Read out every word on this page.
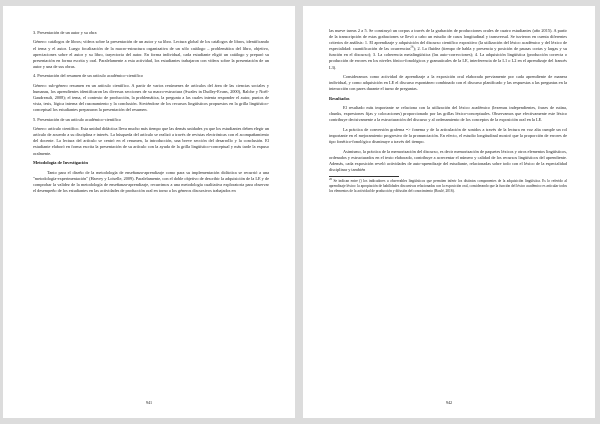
3. Presentación de un autor y su obra

Género: catálogos de libros; vídeos sobre la presentación de un autor y su libro. Lectura global de los catálogos de libros, identificando el tema y el autor. Luego focalización de la macro-estructura organizativa de un sólo catálogo – problemática del libro, objetivo, apreciaciones sobre el autor y su libro, trayectoria del autor. En forma individual, cada estudiante eligió un catálogo y preparó su presentación en forma escrita y oral. Paralelamente a esta actividad, los estudiantes trabajaron con vídeos sobre la presentación de un autor y una de sus obras.

4. Presentación del resumen de un artículo académico-científico

Género: sub-género resumen en un artículo científico. A partir de varios resúmenes de artículos del área de las ciencias sociales y humanas, los aprendientes identificaron las diversas secciones de su macro-estructura (Swales in Dudley-Evans, 2000), Ralche y Noël-Gaudreault, 2008); el tema, el contexto de producción, la problemática, la pregunta a las cuales intenta responder el autor, puntos de vista, tesis, lógica interna del razonamiento y la conclusión. Sirviéndose de los recursos lingüísticos propuestos en la grilla lingüístico-conceptual los estudiantes prepararon la presentación del resumen.

5. Presentación de un artículo académico-científico

Género: artículo científico. Esta unidad didáctica lleva mucho más tiempo que las demás unidades ya que los estudiantes deben elegir un artículo de acuerdo a su disciplina e interés. La búsqueda del artículo se realizó a través de revistas electrónicas con el acompañamiento del docente. La lectura del artículo se centró en el resumen, la introducción, una breve sección del desarrollo y la conclusión. El estudiante elaboró en forma escrita la presentación de su artículo con la ayuda de la grilla lingüístico-conceptual y más tarde la expuso oralmente.

Metodología de Investigación

Tanto para el diseño de la metodología de enseñanza-aprendizaje como para su implementación didáctica se recurrió a una "metodología-experimentación" (Harvey y Loiselle, 2009). Paralelamente, con el doble objetivo de describir la adquisición de la LE y de comprobar la validez de la metodología de enseñanza-aprendizaje, recurrimos a una metodología cualitativa exploratoria para observar el desempeño de los estudiantes en las actividades de producción oral en torno a los géneros discursivos trabajados en

941

las nueve tareas 2 a 5. Se construyó un corpus a través de la grabación de producciones orales de cuatro estudiantes (año 2015). A partir de la transcripción de estas grabaciones se llevó a cabo un estudio de casos longitudinal y transversal. Se tuvieron en cuenta diferentes criterios de análisis: 1. El aprendizaje y adquisición del discurso científico expositivo (la utilización del léxico académico y del léxico de especialidad: cuantificación de las ocurrencias$^{26}$); 2. La fluidez (tiempo de habla y presencia y posición de pausas cortas y largas y su función en el discurso); 3. La coherencia metalingüística (las auto-correcciones); 4. La adquisición lingüística (producción correcta o producción de errores en los niveles fónico-fonológicos y gramaticales de la LE, interferencia de la L1 o L2 en el aprendizaje del francés L3).

Consideramos como actividad de aprendizaje a la exposición oral elaborada previamente por cada aprendiente de manera individual, y como adquisición en LE el discurso espontáneo combinado con el discurso planificado y las respuestas a las preguntas en la interacción con pares durante el turno de preguntas.

Resultados

El resultado más importante se relaciona con la utilización del léxico académico (lexemas independientes, frases de rutina, chunks, expresiones fijas y colocaciones) proporcionado por las grillas léxico-conceptuales. Observamos que efectivamente este léxico contribuye decisivamente a la estructuración del discurso y al ordenamiento de los conceptos de la exposición oral en la LE.

La práctica de conversión grafema => fonema y de la articulación de sonidos a través de la lectura en voz alta cumple un rol importante en el mejoramiento progresivo de la pronunciación. En efecto, el estudio longitudinal mostró que la proporción de errores de tipo fonético-fonológico disminuye a través del tiempo.

Asimismo, la práctica de la memorización del discurso, es decir memorización de paquetes léxicos y otros elementos lingüísticos, ordenados y estructurados en el texto elaborado, contribuye a acrecentar el número y calidad de los recursos lingüísticos del aprendiente. Además, cada exposición reveló actividades de auto-aprendizaje del estudiante, relacionadas sobre todo con el léxico de la especialidad disciplinar y también

$^{26}$ Se indican entre () los indicadores u observables lingüísticos que permiten inferir los distintos componentes de la adquisición lingüística. Es lo referido al aprendizaje léxico: la apropiación de habilidades discursivas relacionadas con la exposición oral, considerando que la función del léxico académico es articular todos los elementos de la actividad de producción y difusión del conocimiento (Roulé, 2016).
942
